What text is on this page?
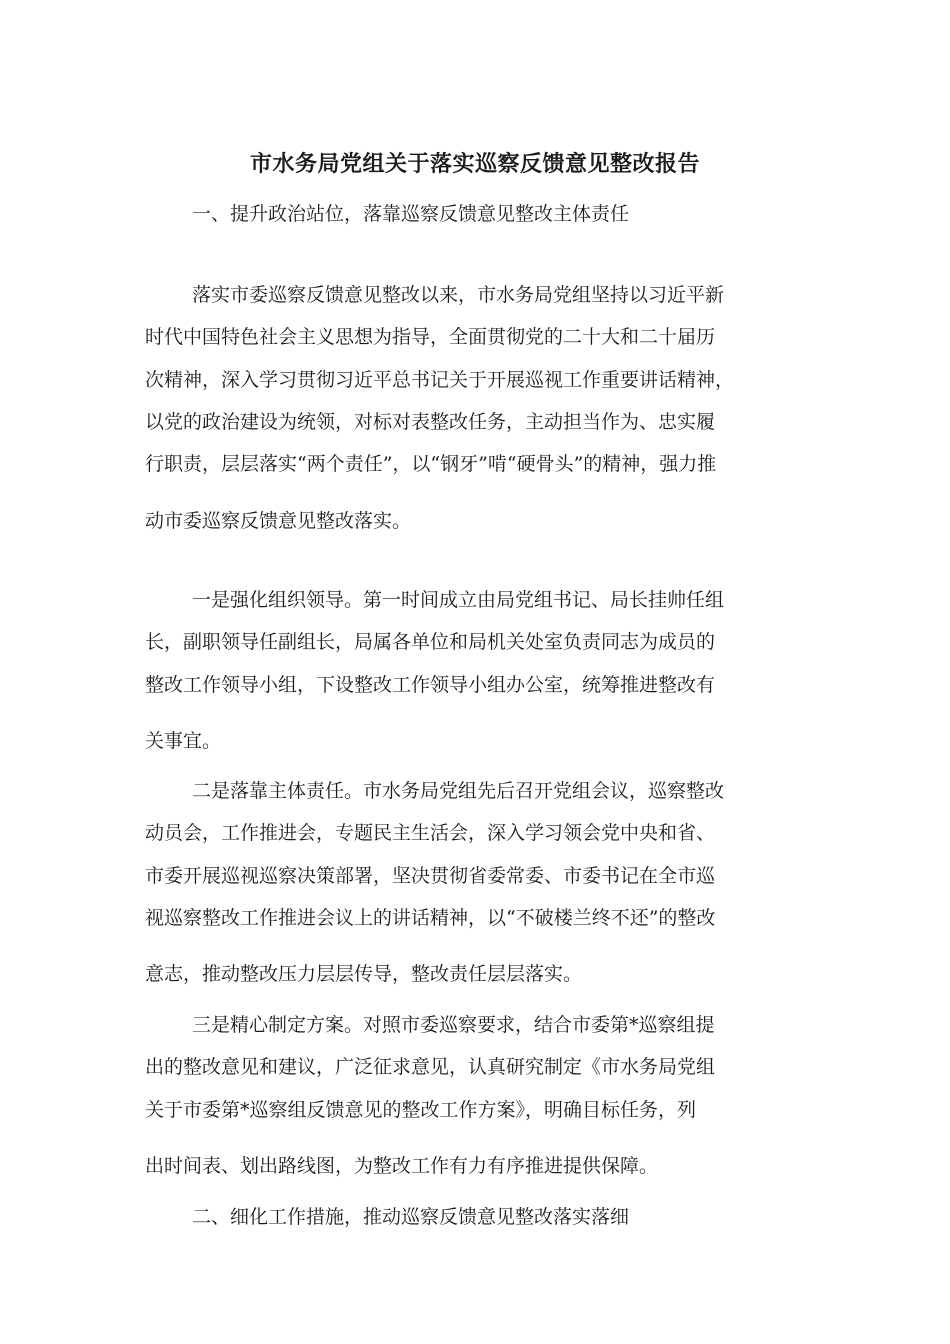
市水务局党组关于落实巡察反馈意见整改报告
一、提升政治站位，落靠巡察反馈意见整改主体责任
落实市委巡察反馈意见整改以来，市水务局党组坚持以习近平新
时代中国特色社会主义思想为指导，全面贯彻党的二十大和二十届历
次精神，深入学习贯彻习近平总书记关于开展巡视工作重要讲话精神，
以党的政治建设为统领，对标对表整改任务，主动担当作为、忠实履
行职责，层层落实“两个责任”，以“钢牙”啃“硬骨头”的精神，强力推
动市委巡察反馈意见整改落实。
一是强化组织领导。第一时间成立由局党组书记、局长挂帅任组
长，副职领导任副组长，局属各单位和局机关处室负责同志为成员的
整改工作领导小组，下设整改工作领导小组办公室，统筹推进整改有
关事宜。
二是落靠主体责任。市水务局党组先后召开党组会议，巡察整改
动员会，工作推进会，专题民主生活会，深入学习领会党中央和省、
市委开展巡视巡察决策部署，坚决贯彻省委常委、市委书记在全市巡
视巡察整改工作推进会议上的讲话精神，以“不破楼兰终不还”的整改
意志，推动整改压力层层传导，整改责任层层落实。
三是精心制定方案。对照市委巡察要求，结合市委第*巡察组提
出的整改意见和建议，广泛征求意见，认真研究制定《市水务局党组
关于市委第*巡察组反馈意见的整改工作方案》，明确目标任务，列
出时间表、划出路线图，为整改工作有力有序推进提供保障。
二、细化工作措施，推动巡察反馈意见整改落实落细
